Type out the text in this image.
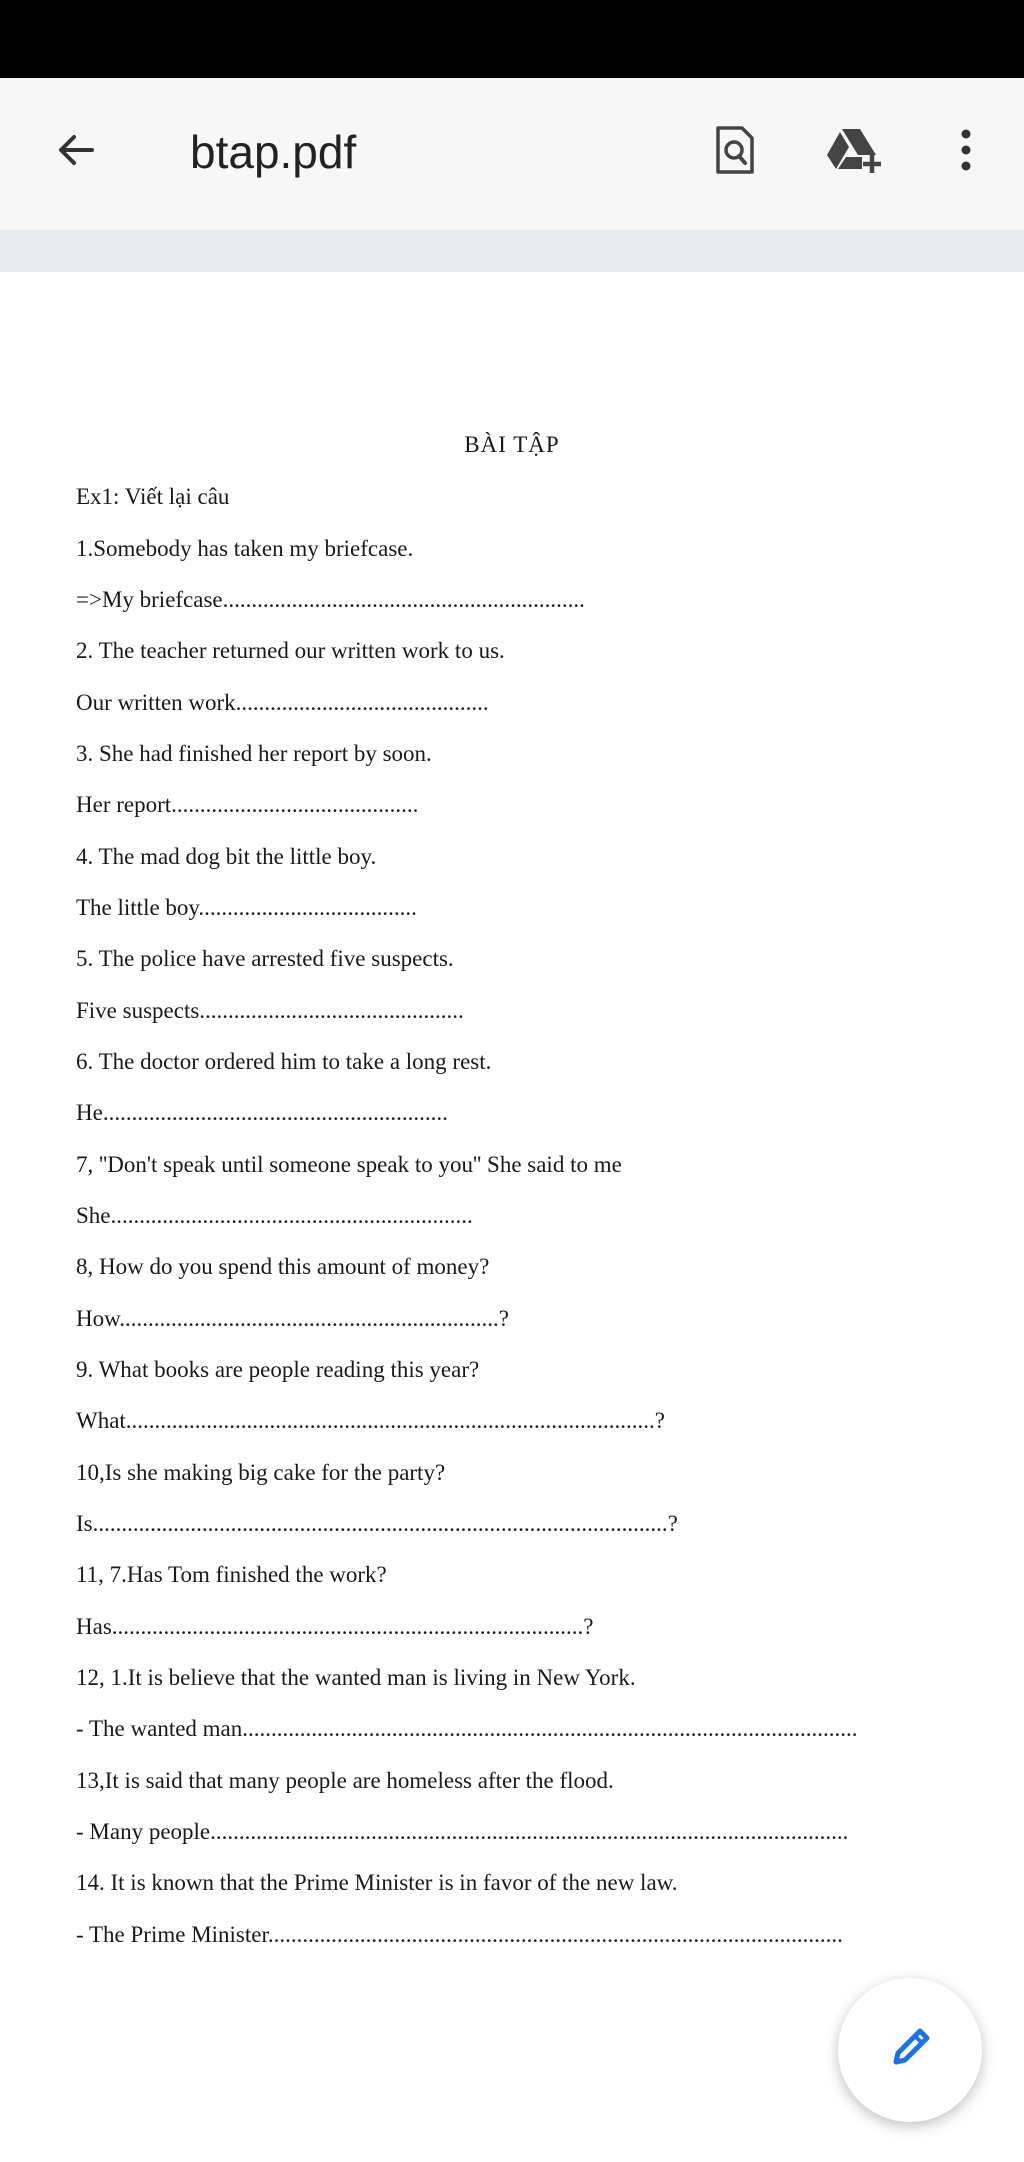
btap.pdf
BÀI TẬP
Ex1: Viết lại câu
1.Somebody has taken my briefcase.
=>My briefcase...............................................................
2. The teacher returned our written work to us.
Our written work............................................
3. She had finished her report by soon.
Her report...........................................
4. The mad dog bit the little boy.
The little boy......................................
5. The police have arrested five suspects.
Five suspects..............................................
6. The doctor ordered him to take a long rest.
He............................................................
7, ''Don't speak until someone speak to you'' She said to me
She...............................................................
8, How do you spend this amount of money?
How..................................................................?
9. What books are people reading this year?
What............................................................................................?
10,Is she making big cake for the party?
Is....................................................................................................?
11, 7.Has Tom finished the work?
Has..................................................................................?
12, 1.It is believe that the wanted man is living in New York.
- The wanted man...........................................................................................................
13,It is said that many people are homeless after the flood.
- Many people...............................................................................................................
14. It is known that the Prime Minister is in favor of the new law.
- The Prime Minister....................................................................................................
